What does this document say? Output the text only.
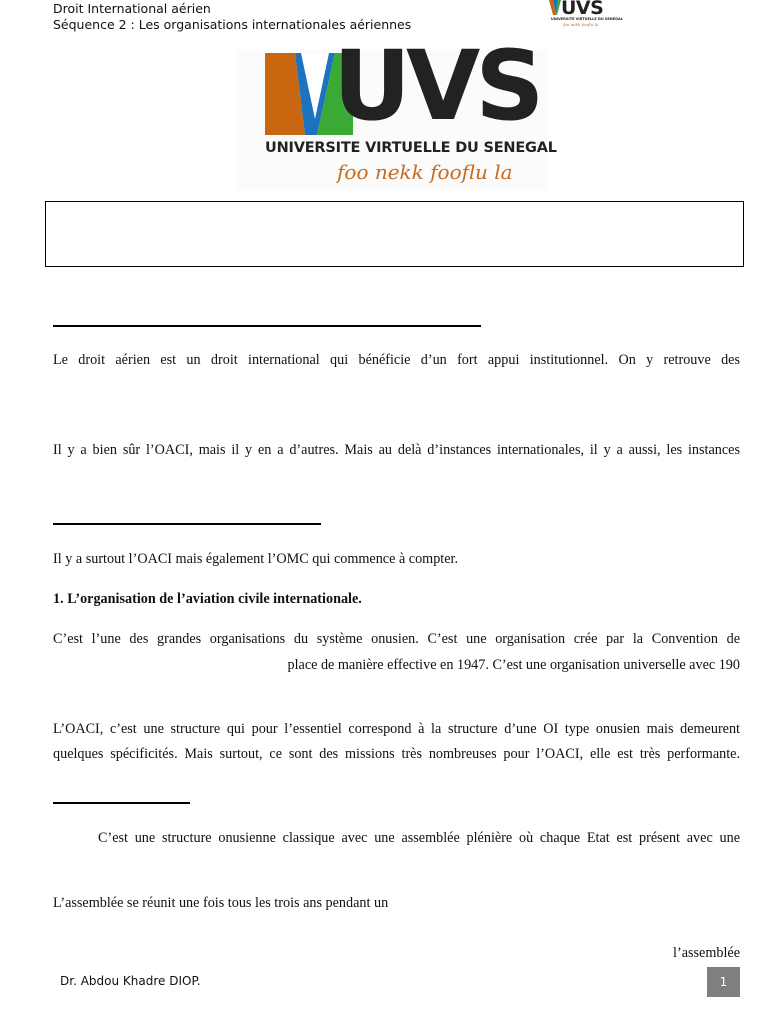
Droit International aérien
Séquence 2 : Les organisations internationales aériennes
UVS
UNIVERSITE VIRTUELLE DU SENEGAL
foo nekk fooflu la
UVS
UNIVERSITE VIRTUELLE DU SENEGAL
foo nekk fooflu la
Le droit aérien est un droit international qui bénéficie d’un fort appui institutionnel. On y retrouve des
Il y a bien sûr l’OACI, mais il y en a d’autres. Mais au delà d’instances internationales, il y a aussi, les instances
Il y a surtout l’OACI mais également l’OMC qui commence à compter.
1. L’organisation de l’aviation civile internationale.
C’est l’une des grandes organisations du système onusien. C’est une organisation crée par la Convention de
place de manière effective en 1947. C’est une organisation universelle avec 190
L’OACI, c’est une structure qui pour l’essentiel correspond à la structure d’une OI type onusien mais demeurent
quelques spécificités. Mais surtout, ce sont des missions très nombreuses pour l’OACI, elle est très performante.
C’est une structure onusienne classique avec une assemblée plénière où chaque Etat est présent avec une
L’assemblée se réunit une fois tous les trois ans pendant un
l’assemblée
Dr. Abdou Khadre DIOP.	1
